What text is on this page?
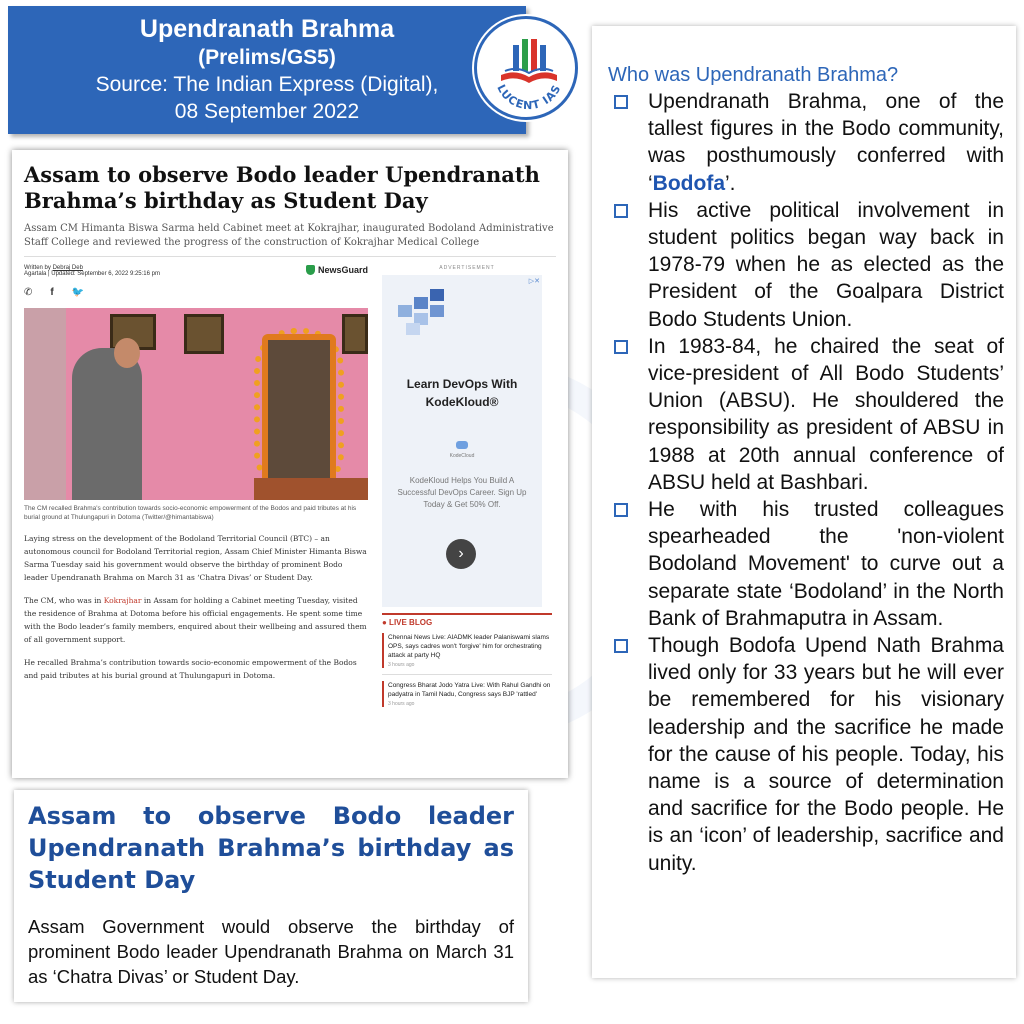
Upendranath Brahma
(Prelims/GS5)
Source: The Indian Express (Digital),
08 September 2022
LUCENT IAS
Assam to observe Bodo leader Upendranath Brahma’s birthday as Student Day
Assam CM Himanta Biswa Sarma held Cabinet meet at Kokrajhar, inaugurated Bodoland Administrative Staff College and reviewed the progress of the construction of Kokrajhar Medical College
Written by Debraj Deb
Agartala | Updated: September 6, 2022 9:25:16 pm	NewsGuard
✆ f 🐦
The CM recalled Brahma's contribution towards socio-economic empowerment of the Bodos and paid tributes at his burial ground at Thulungapuri in Dotoma (Twitter/@himantabiswa)
Laying stress on the development of the Bodoland Territorial Council (BTC) – an autonomous council for Bodoland Territorial region, Assam Chief Minister Himanta Biswa Sarma Tuesday said his government would observe the birthday of prominent Bodo leader Upendranath Brahma on March 31 as ‘Chatra Divas’ or Student Day.
The CM, who was in Kokrajhar in Assam for holding a Cabinet meeting Tuesday, visited the residence of Brahma at Dotoma before his official engagements. He spent some time with the Bodo leader’s family members, enquired about their wellbeing and assured them of all government support.
He recalled Brahma’s contribution towards socio-economic empowerment of the Bodos and paid tributes at his burial ground at Thulungapuri in Dotoma.
ADVERTISEMENT
▷✕
Learn DevOps With KodeKloud®
KodeCloud
KodeKloud Helps You Build A Successful DevOps Career. Sign Up Today & Get 50% Off.
›
● LIVE BLOG
Chennai News Live: AIADMK leader Palaniswami slams OPS, says cadres won't 'forgive' him for orchestrating attack at party HQ
3 hours ago
Congress Bharat Jodo Yatra Live: With Rahul Gandhi on padyatra in Tamil Nadu, Congress says BJP 'rattled'
3 hours ago
Assam to observe Bodo leader Upendranath Brahma’s birthday as Student Day
Assam Government would observe the birthday of prominent Bodo leader Upendranath Brahma on March 31 as ‘Chatra Divas’ or Student Day.
Who was Upendranath Brahma?
Upendranath Brahma, one of the tallest figures in the Bodo community, was posthumously conferred with ‘Bodofa’.
His active political involvement in student politics began way back in 1978-79 when he as elected as the President of the Goalpara District Bodo Students Union.
In 1983-84, he chaired the seat of vice-president of All Bodo Students’ Union (ABSU). He shouldered the responsibility as president of ABSU in 1988 at 20th annual conference of ABSU held at Bashbari.
He with his trusted colleagues spearheaded the 'non-violent Bodoland Movement' to curve out a separate state ‘Bodoland’ in the North Bank of Brahmaputra in Assam.
Though Bodofa Upend Nath Brahma lived only for 33 years but he will ever be remembered for his visionary leadership and the sacrifice he made for the cause of his people. Today, his name is a source of determination and sacrifice for the Bodo people. He is an ‘icon’ of leadership, sacrifice and unity.
